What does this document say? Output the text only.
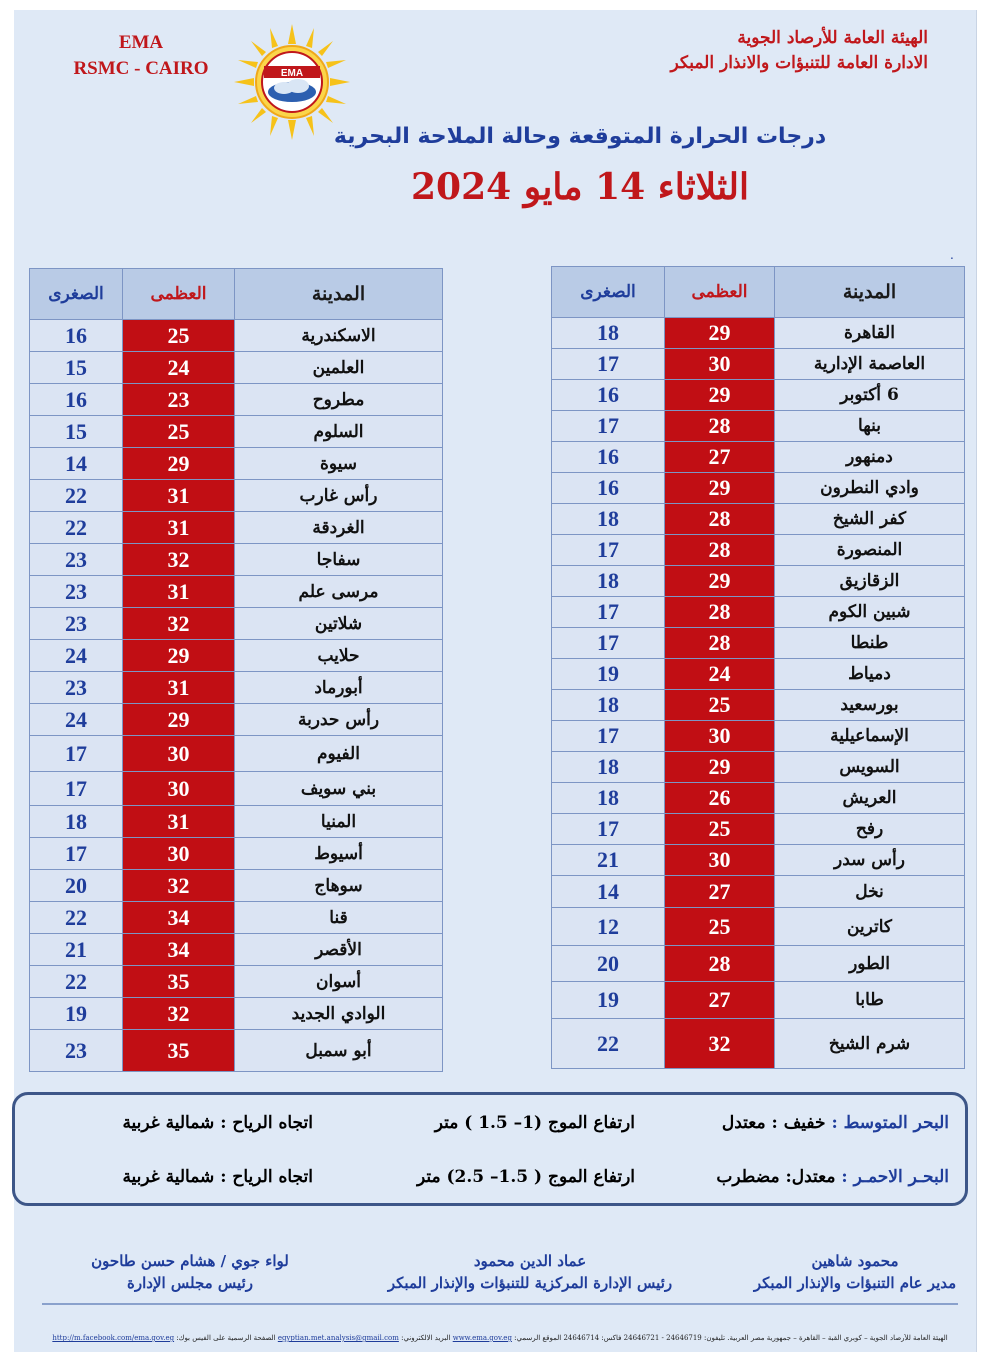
الهيئة العامة للأرصاد الجوية
الادارة العامة للتنبؤات والانذار المبكر
EMA
RSMC - CAIRO	EMA
درجات الحرارة المتوقعة وحالة الملاحة البحرية
الثلاثاء 14 مايو 2024
.
المدينة	العظمى	الصغرى
القاهرة	29	18
العاصمة الإدارية	30	17
6 أكتوبر	29	16
بنها	28	17
دمنهور	27	16
وادي النطرون	29	16
كفر الشيخ	28	18
المنصورة	28	17
الزقازيق	29	18
شبين الكوم	28	17
طنطا	28	17
دمياط	24	19
بورسعيد	25	18
الإسماعيلية	30	17
السويس	29	18
العريش	26	18
رفح	25	17
رأس سدر	30	21
نخل	27	14
كاترين	25	12
الطور	28	20
طابا	27	19
شرم الشيخ	32	22
المدينة	العظمى	الصغرى
الاسكندرية	25	16
العلمين	24	15
مطروح	23	16
السلوم	25	15
سيوة	29	14
رأس غارب	31	22
الغردقة	31	22
سفاجا	32	23
مرسى علم	31	23
شلاتين	32	23
حلايب	29	24
أبورماد	31	23
رأس حدربة	29	24
الفيوم	30	17
بني سويف	30	17
المنيا	31	18
أسيوط	30	17
سوهاج	32	20
قنا	34	22
الأقصر	34	21
أسوان	35	22
الوادي الجديد	32	19
أبو سمبل	35	23
البحر المتوسط : خفيف : معتدل
ارتفاع الموج (1– 1.5 ) متر
اتجاه الرياح : شمالية غربية
البحـر الاحمـر : معتدل: مضطرب
ارتفاع الموج ( 1.5– 2.5) متر
اتجاه الرياح : شمالية غربية
محمود شاهين
مدير عام التنبؤات والإنذار المبكر
عماد الدين محمود
رئيس الإدارة المركزية للتنبؤات والإنذار المبكر
لواء جوي / هشام حسن طاحون
رئيس مجلس الإدارة
الهيئة العامة للأرصاد الجوية – كوبري القبة – القاهرة – جمهورية مصر العربية. تليفون: 24646719 - 24646721 فاكس: 24646714 الموقع الرسمي: www.ema.gov.eg البريد الالكتروني: egyptian.met.analysis@gmail.com الصفحة الرسمية على الفيس بوك: http://m.facebook.com/ema.gov.eg
